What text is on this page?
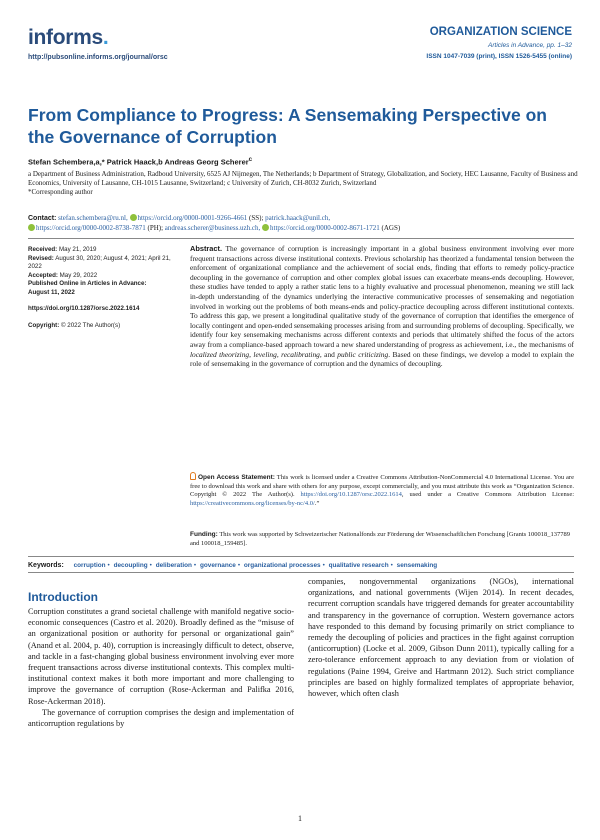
informs.
http://pubsonline.informs.org/journal/orsc
ORGANIZATION SCIENCE
Articles in Advance, pp. 1–32
ISSN 1047-7039 (print), ISSN 1526-5455 (online)
From Compliance to Progress: A Sensemaking Perspective on the Governance of Corruption
Stefan Schembera,a,* Patrick Haack,b Andreas Georg Scherer$^c$
a Department of Business Administration, Radboud University, 6525 AJ Nijmegen, The Netherlands; b Department of Strategy, Globalization, and Society, HEC Lausanne, Faculty of Business and Economics, University of Lausanne, CH-1015 Lausanne, Switzerland; c University of Zurich, CH-8032 Zurich, Switzerland
*Corresponding author
Contact: stefan.schembera@ru.nl, https://orcid.org/0000-0001-9266-4661 (SS); patrick.haack@unil.ch,
https://orcid.org/0000-0002-8738-7871 (PH); andreas.scherer@business.uzh.ch, https://orcid.org/0000-0002-8671-1721 (AGS)
Received: May 21, 2019
Revised: August 30, 2020; August 4, 2021; April 21, 2022
Accepted: May 29, 2022
Published Online in Articles in Advance:
August 11, 2022
https://doi.org/10.1287/orsc.2022.1614
Copyright: © 2022 The Author(s)
Abstract. The governance of corruption is increasingly important in a global business environment involving ever more frequent transactions across diverse institutional contexts. Previous scholarship has theorized a fundamental tension between the enforcement of organizational compliance and the achievement of social ends, finding that efforts to remedy policy-practice decoupling in the governance of corruption and other complex global issues can exacerbate means-ends decoupling. However, these studies have tended to apply a rather static lens to a highly evaluative and processual phenomenon, meaning we still lack in-depth understanding of the dynamics underlying the interactive communicative processes of sensemaking and negotiation involved in working out the problems of both means-ends and policy-practice decoupling across different institutional contexts. To address this gap, we present a longitudinal qualitative study of the governance of corruption that identifies the emergence of locally contingent and open-ended sensemaking processes arising from and surrounding problems of decoupling. Specifically, we identify four key sensemaking mechanisms across different contexts and periods that ultimately shifted the focus of the actors away from a compliance-based approach toward a new shared understanding of progress as achievement, i.e., the mechanisms of localized theorizing, leveling, recalibrating, and public criticizing. Based on these findings, we develop a model to explain the role of sensemaking in the governance of corruption and the dynamics of decoupling.
Open Access Statement: This work is licensed under a Creative Commons Attribution-NonCommercial 4.0 International License. You are free to download this work and share with others for any purpose, except commercially, and you must attribute this work as “Organization Science. Copyright © 2022 The Author(s). https://doi.org/10.1287/orsc.2022.1614, used under a Creative Commons Attribution License: https://creativecommons.org/licenses/by-nc/4.0/.”
Funding: This work was supported by Schweizerischer Nationalfonds zur Förderung der Wissenschaftlichen Forschung [Grants 100018_137789 and 100018_159485].
Keywords: corruption • decoupling • deliberation • governance • organizational processes • qualitative research • sensemaking
Introduction

Corruption constitutes a grand societal challenge with manifold negative socio-economic consequences (Castro et al. 2020). Broadly defined as the “misuse of an organizational position or authority for personal or organizational gain” (Anand et al. 2004, p. 40), corruption is increasingly difficult to detect, observe, and tackle in a fast-changing global business environment involving ever more frequent transactions across diverse institutional contexts. This complex multi-institutional context makes it both more important and more challenging to improve the governance of corruption (Rose-Ackerman and Palifka 2016, Rose-Ackerman 2018).

The governance of corruption comprises the design and implementation of anticorruption regulations by

companies, nongovernmental organizations (NGOs), international organizations, and national governments (Wijen 2014). In recent decades, recurrent corruption scandals have triggered demands for greater accountability and transparency in the governance of corruption. Western governance actors have responded to this demand by focusing primarily on strict compliance to remedy the decoupling of policies and practices in the fight against corruption (anticorruption) (Locke et al. 2009, Gibson Dunn 2011), typically calling for a zero-tolerance enforcement approach to any deviation from or violation of regulations (Paine 1994, Greive and Hartmann 2012). Such strict compliance principles are based on highly formalized templates of appropriate behavior, however, which often clash

1
